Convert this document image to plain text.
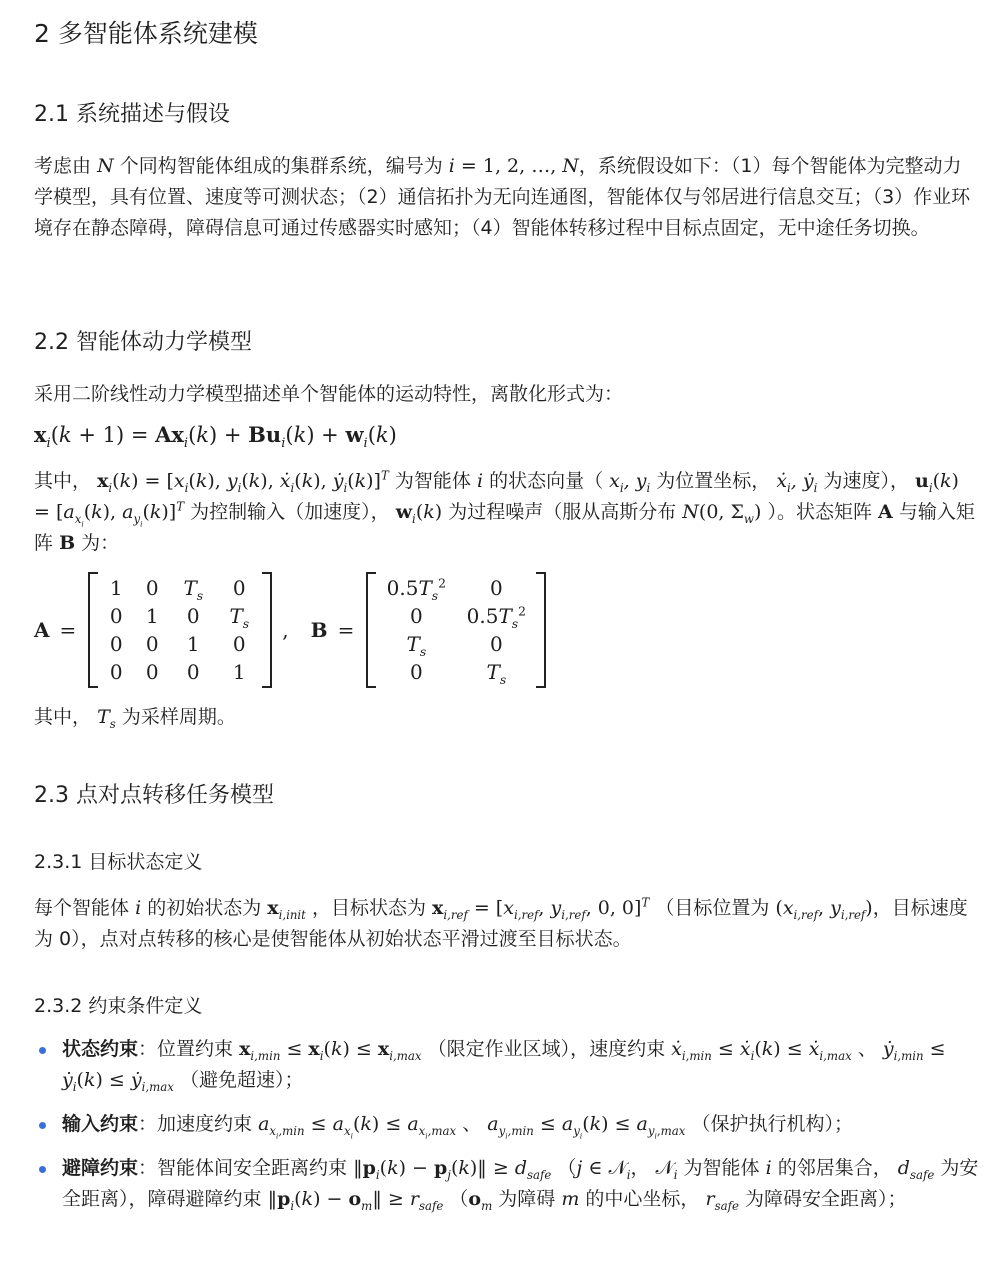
2 多智能体系统建模
2.1 系统描述与假设

考虑由 N 个同构智能体组成的集群系统，编号为 i = 1, 2, …, N，系统假设如下：（1）每个智能体为完整动力学模型，具有位置、速度等可测状态；（2）通信拓扑为无向连通图，智能体仅与邻居进行信息交互；（3）作业环境存在静态障碍，障碍信息可通过传感器实时感知；（4）智能体转移过程中目标点固定，无中途任务切换。

2.2 智能体动力学模型

采用二阶线性动力学模型描述单个智能体的运动特性，离散化形式为：

$x_i(k + 1) = Ax_i(k) + Bu_i(k) + w_i(k)$

其中， $x_i(k) = [x_i(k)$, $y_i(k)$, ẋ$_i$(k), ẏ$_i$(k)]$^T$ 为智能体 i 的状态向量（ $x_i$, $y_i$ 为位置坐标， ẋ$_i$, ẏ$_i$ 为速度）， $u_i(k) = [a_{x_i}(k)$, $a_{y_i}(k)]^T$ 为控制输入（加速度）， $w_i(k)$ 为过程噪声（服从高斯分布 N(0, $\Sigma_w$) ）。状态矩阵 A 与输入矩阵 B 为：

A =
1	0	$T_s$	0
0	1	0	$T_s$
0	0	1	0
0	0	0	1
, B =
$0.5T_s^2$	0
0	$0.5T_s^2$
$T_s$	0
0	$T_s$

其中， $T_s$ 为采样周期。

2.3 点对点转移任务模型
2.3.1 目标状态定义

每个智能体 i 的初始状态为 $x_{i,init}$ ，目标状态为 $x_{i,ref} = [x_{i,ref}$, $y_{i,ref}$, 0, 0]$^T$ （目标位置为 ($x_{i,ref}$, $y_{i,ref}$)，目标速度为 0），点对点转移的核心是使智能体从初始状态平滑过渡至目标状态。

2.3.2 约束条件定义
状态约束：位置约束 $x_{i,min} \le x_i(k) \le x_{i,max}$ （限定作业区域），速度约束 ẋ$_{i,min}$ ≤ ẋ$_i$(k) ≤ ẋ$_{i,max}$ 、 ẏ$_{i,min}$ ≤ ẏ$_i$(k) ≤ ẏ$_{i,max}$ （避免超速）；
输入约束：加速度约束 $a_{x_i,min} \le a_{x_i}(k) \le a_{x_i,max}$ 、 $a_{y_i,min} \le a_{y_i}(k) \le a_{y_i,max}$ （保护执行机构）；
避障约束：智能体间安全距离约束 $‖p_i(k)$ − $p_j(k)‖ \ge d_{safe}$ （j ∈ 𝒩$_i$， 𝒩$_i$ 为智能体 i 的邻居集合， $d_{safe}$ 为安全距离），障碍避障约束 $‖p_i(k)$ − $o_m‖ \ge r_{safe}$ （$o_m$ 为障碍 m 的中心坐标， $r_{safe}$ 为障碍安全距离）；
